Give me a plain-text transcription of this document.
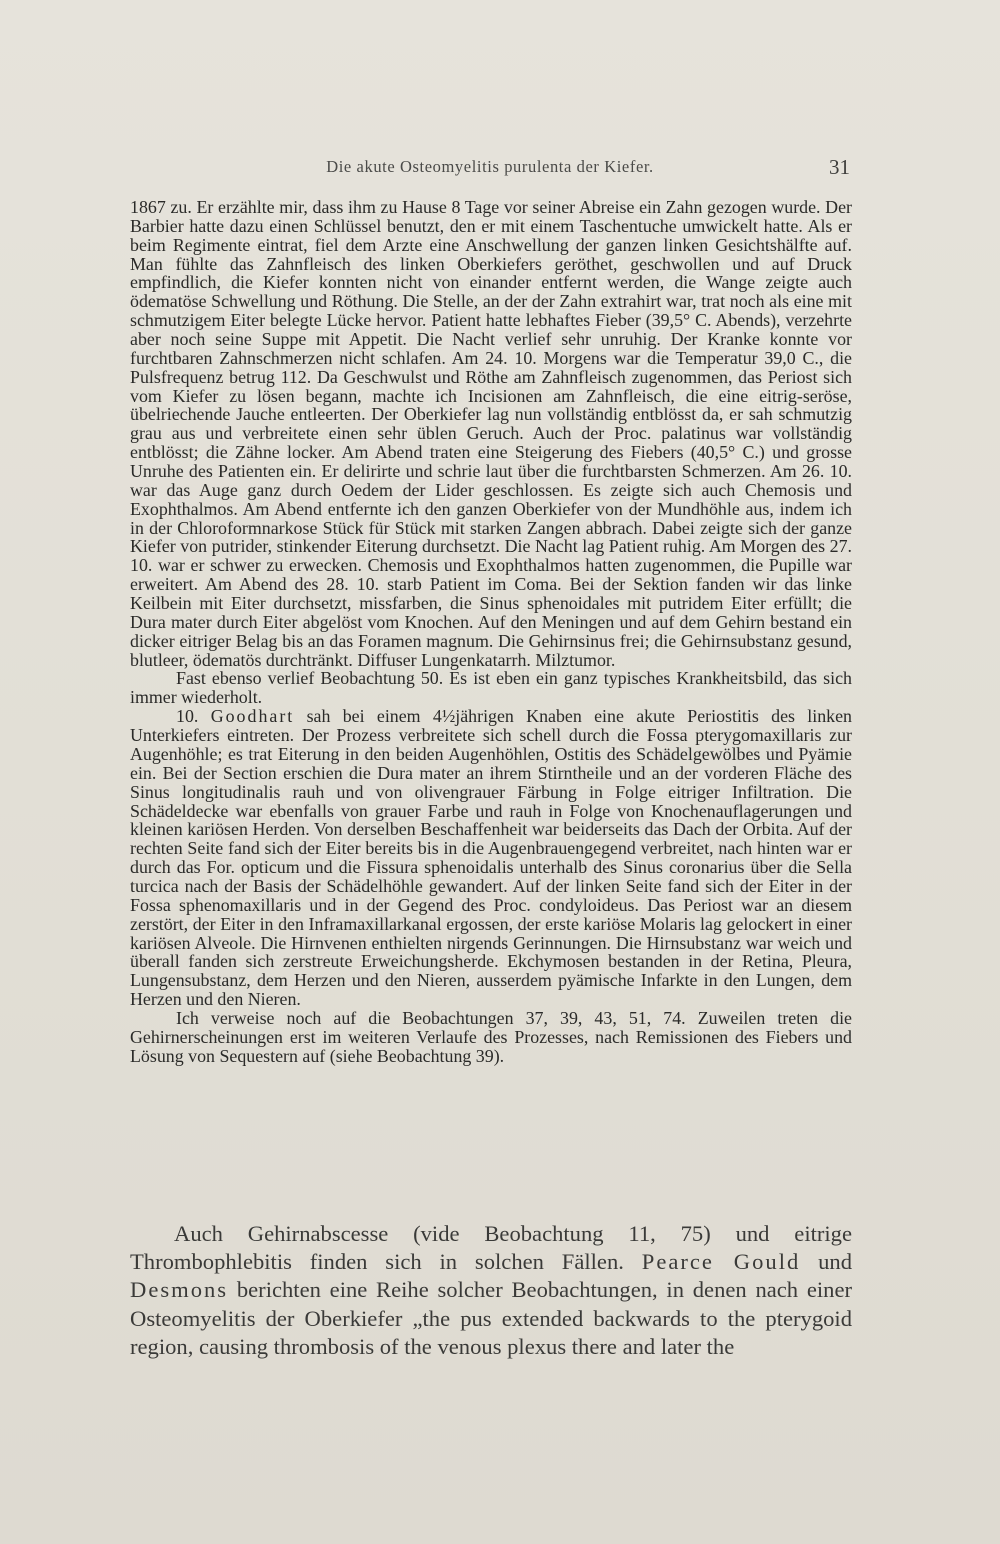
Die akute Osteomyelitis purulenta der Kiefer.	31

1867 zu. Er erzählte mir, dass ihm zu Hause 8 Tage vor seiner Abreise ein Zahn gezogen wurde. Der Barbier hatte dazu einen Schlüssel benutzt, den er mit einem Taschentuche umwickelt hatte. Als er beim Regimente eintrat, fiel dem Arzte eine Anschwellung der ganzen linken Gesichtshälfte auf. Man fühlte das Zahnfleisch des linken Oberkiefers geröthet, geschwollen und auf Druck empfindlich, die Kiefer konnten nicht von einander entfernt werden, die Wange zeigte auch ödematöse Schwellung und Röthung. Die Stelle, an der der Zahn extrahirt war, trat noch als eine mit schmutzigem Eiter belegte Lücke hervor. Patient hatte lebhaftes Fieber (39,5° C. Abends), verzehrte aber noch seine Suppe mit Appetit. Die Nacht verlief sehr unruhig. Der Kranke konnte vor furchtbaren Zahnschmerzen nicht schlafen. Am 24. 10. Morgens war die Temperatur 39,0 C., die Pulsfrequenz betrug 112. Da Geschwulst und Röthe am Zahnfleisch zugenommen, das Periost sich vom Kiefer zu lösen begann, machte ich Incisionen am Zahnfleisch, die eine eitrig-seröse, übelriechende Jauche entleerten. Der Oberkiefer lag nun vollständig entblösst da, er sah schmutzig grau aus und verbreitete einen sehr üblen Geruch. Auch der Proc. palatinus war vollständig entblösst; die Zähne locker. Am Abend traten eine Steigerung des Fiebers (40,5° C.) und grosse Unruhe des Patienten ein. Er delirirte und schrie laut über die furchtbarsten Schmerzen. Am 26. 10. war das Auge ganz durch Oedem der Lider geschlossen. Es zeigte sich auch Chemosis und Exophthalmos. Am Abend entfernte ich den ganzen Oberkiefer von der Mundhöhle aus, indem ich in der Chloroformnarkose Stück für Stück mit starken Zangen abbrach. Dabei zeigte sich der ganze Kiefer von putrider, stinkender Eiterung durchsetzt. Die Nacht lag Patient ruhig. Am Morgen des 27. 10. war er schwer zu erwecken. Chemosis und Exophthalmos hatten zugenommen, die Pupille war erweitert. Am Abend des 28. 10. starb Patient im Coma. Bei der Sektion fanden wir das linke Keilbein mit Eiter durchsetzt, missfarben, die Sinus sphenoidales mit putridem Eiter erfüllt; die Dura mater durch Eiter abgelöst vom Knochen. Auf den Meningen und auf dem Gehirn bestand ein dicker eitriger Belag bis an das Foramen magnum. Die Gehirnsinus frei; die Gehirnsubstanz gesund, blutleer, ödematös durchtränkt. Diffuser Lungenkatarrh. Milztumor.

Fast ebenso verlief Beobachtung 50. Es ist eben ein ganz typisches Krankheitsbild, das sich immer wiederholt.

10. Goodhart sah bei einem 4½jährigen Knaben eine akute Periostitis des linken Unterkiefers eintreten. Der Prozess verbreitete sich schell durch die Fossa pterygomaxillaris zur Augenhöhle; es trat Eiterung in den beiden Augenhöhlen, Ostitis des Schädelgewölbes und Pyämie ein. Bei der Section erschien die Dura mater an ihrem Stirntheile und an der vorderen Fläche des Sinus longitudinalis rauh und von olivengrauer Färbung in Folge eitriger Infiltration. Die Schädeldecke war ebenfalls von grauer Farbe und rauh in Folge von Knochenauflagerungen und kleinen kariösen Herden. Von derselben Beschaffenheit war beiderseits das Dach der Orbita. Auf der rechten Seite fand sich der Eiter bereits bis in die Augenbrauengegend verbreitet, nach hinten war er durch das For. opticum und die Fissura sphenoidalis unterhalb des Sinus coronarius über die Sella turcica nach der Basis der Schädelhöhle gewandert. Auf der linken Seite fand sich der Eiter in der Fossa sphenomaxillaris und in der Gegend des Proc. condyloideus. Das Periost war an diesem zerstört, der Eiter in den Inframaxillarkanal ergossen, der erste kariöse Molaris lag gelockert in einer kariösen Alveole. Die Hirnvenen enthielten nirgends Gerinnungen. Die Hirnsubstanz war weich und überall fanden sich zerstreute Erweichungsherde. Ekchymosen bestanden in der Retina, Pleura, Lungensubstanz, dem Herzen und den Nieren, ausserdem pyämische Infarkte in den Lungen, dem Herzen und den Nieren.

Ich verweise noch auf die Beobachtungen 37, 39, 43, 51, 74. Zuweilen treten die Gehirnerscheinungen erst im weiteren Verlaufe des Prozesses, nach Remissionen des Fiebers und Lösung von Sequestern auf (siehe Beobachtung 39).

Auch Gehirnabscesse (vide Beobachtung 11, 75) und eitrige Thrombophlebitis finden sich in solchen Fällen. Pearce Gould und Desmons berichten eine Reihe solcher Beobachtungen, in denen nach einer Osteomyelitis der Oberkiefer „the pus extended backwards to the pterygoid region, causing thrombosis of the venous plexus there and later the
